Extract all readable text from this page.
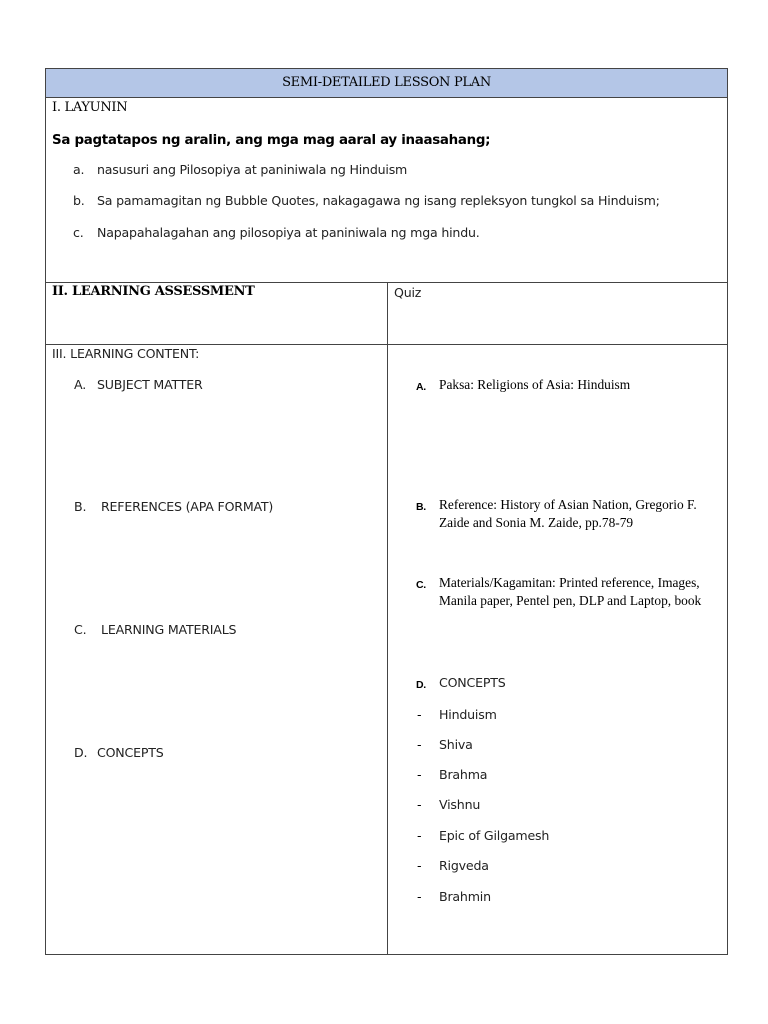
SEMI-DETAILED LESSON PLAN
I. LAYUNIN
Sa pagtatapos ng aralin, ang mga mag aaral ay inaasahang;
a. nasusuri ang Pilosopiya at paniniwala ng Hinduism
b. Sa pamamagitan ng Bubble Quotes, nakagagawa ng isang repleksyon tungkol sa Hinduism;
c. Napapahalagahan ang pilosopiya at paniniwala ng mga hindu.
II. LEARNING ASSESSMENT	Quiz
III. LEARNING CONTENT:
A. SUBJECT MATTER
B. REFERENCES (APA FORMAT)
C. LEARNING MATERIALS
D. CONCEPTS
A. Paksa: Religions of Asia: Hinduism
B. Reference: History of Asian Nation, Gregorio F. Zaide and Sonia M. Zaide, pp.78-79
C. Materials/Kagamitan: Printed reference, Images, Manila paper, Pentel pen, DLP and Laptop, book
D. CONCEPTS
- Hinduism
- Shiva
- Brahma
- Vishnu
- Epic of Gilgamesh
- Rigveda
- Brahmin
